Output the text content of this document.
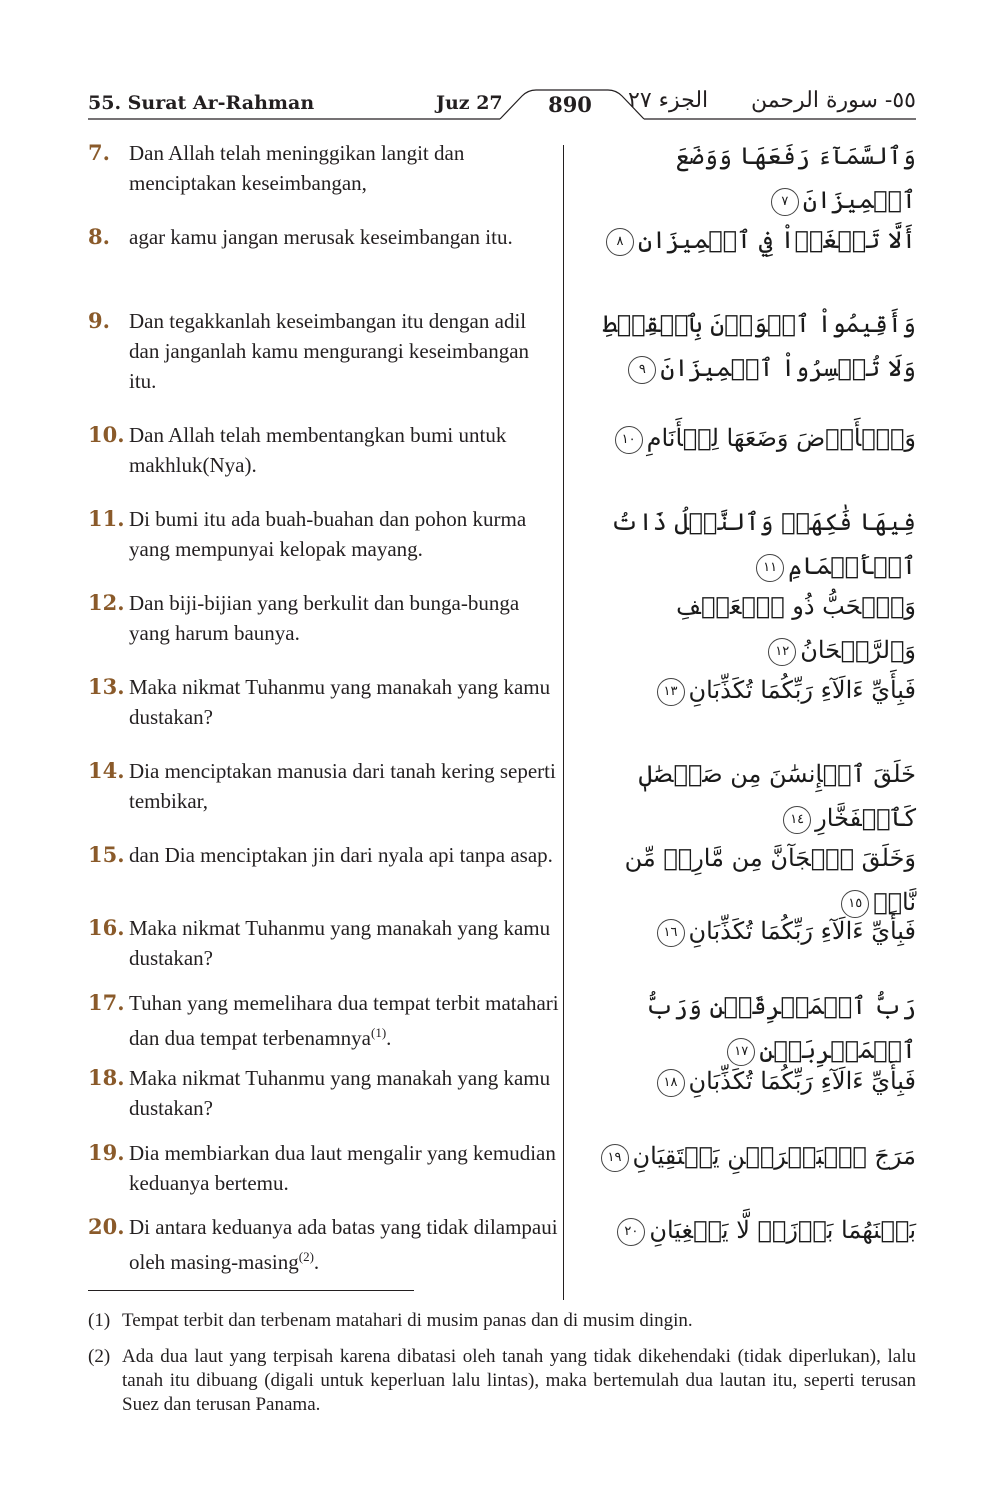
55. Surat Ar-Rahman	Juz 27	890	الجزء ٢٧ ٥٥- سورة الرحمن
7. Dan Allah telah meninggikan langit dan menciptakan keseimbangan,
وَٱلسَّمَآءَ رَفَعَهَا وَوَضَعَ ٱلۡمِيزَانَ٧
8. agar kamu jangan merusak keseimbangan itu.	أَلَّا تَطۡغَوۡاْ فِي ٱلۡمِيزَانِ٨
9. Dan tegakkanlah keseimbangan itu dengan adil dan janganlah kamu mengurangi keseimbangan itu.
وَأَقِيمُواْ ٱلۡوَزۡنَ بِٱلۡقِسۡطِ وَلَا تُخۡسِرُواْ ٱلۡمِيزَانَ٩
10. Dan Allah telah membentangkan bumi untuk makhluk(Nya).
وَٱلۡأَرۡضَ وَضَعَهَا لِلۡأَنَامِ١٠
11. Di bumi itu ada buah-buahan dan pohon kurma yang mempunyai kelopak mayang.
فِيهَا فَٰكِهَةٞ وَٱلنَّخۡلُ ذَاتُ ٱلۡأَكۡمَامِ١١
12. Dan biji-bijian yang berkulit dan bunga-bunga yang harum baunya.
وَٱلۡحَبُّ ذُو ٱلۡعَصۡفِ وَٱلرَّيۡحَانُ١٢
13. Maka nikmat Tuhanmu yang manakah yang kamu dustakan?
فَبِأَيِّ ءَالَآءِ رَبِّكُمَا تُكَذِّبَانِ١٣
14. Dia menciptakan manusia dari tanah kering seperti tembikar,
خَلَقَ ٱلۡإِنسَٰنَ مِن صَلۡصَٰلٖ كَٱلۡفَخَّارِ١٤
15. dan Dia menciptakan jin dari nyala api tanpa asap.	وَخَلَقَ ٱلۡجَآنَّ مِن مَّارِجٖ مِّن نَّارٖ١٥
16. Maka nikmat Tuhanmu yang manakah yang kamu dustakan?
فَبِأَيِّ ءَالَآءِ رَبِّكُمَا تُكَذِّبَانِ١٦
17. Tuhan yang memelihara dua tempat terbit matahari dan dua tempat terbenamnya$^{(1)}$.
رَبُّ ٱلۡمَشۡرِقَيۡنِ وَرَبُّ ٱلۡمَغۡرِبَيۡنِ١٧
18. Maka nikmat Tuhanmu yang manakah yang kamu dustakan?
فَبِأَيِّ ءَالَآءِ رَبِّكُمَا تُكَذِّبَانِ١٨
19. Dia membiarkan dua laut mengalir yang kemudian keduanya bertemu.
مَرَجَ ٱلۡبَحۡرَيۡنِ يَلۡتَقِيَانِ١٩
20. Di antara keduanya ada batas yang tidak dilampaui oleh masing-masing$^{(2)}$.
بَيۡنَهُمَا بَرۡزَخٞ لَّا يَبۡغِيَانِ٢٠
(1) Tempat terbit dan terbenam matahari di musim panas dan di musim dingin.
(2) Ada dua laut yang terpisah karena dibatasi oleh tanah yang tidak dikehendaki (tidak diperlukan), lalu tanah itu dibuang (digali untuk keperluan lalu lintas), maka bertemulah dua lautan itu, seperti terusan Suez dan terusan Panama.
